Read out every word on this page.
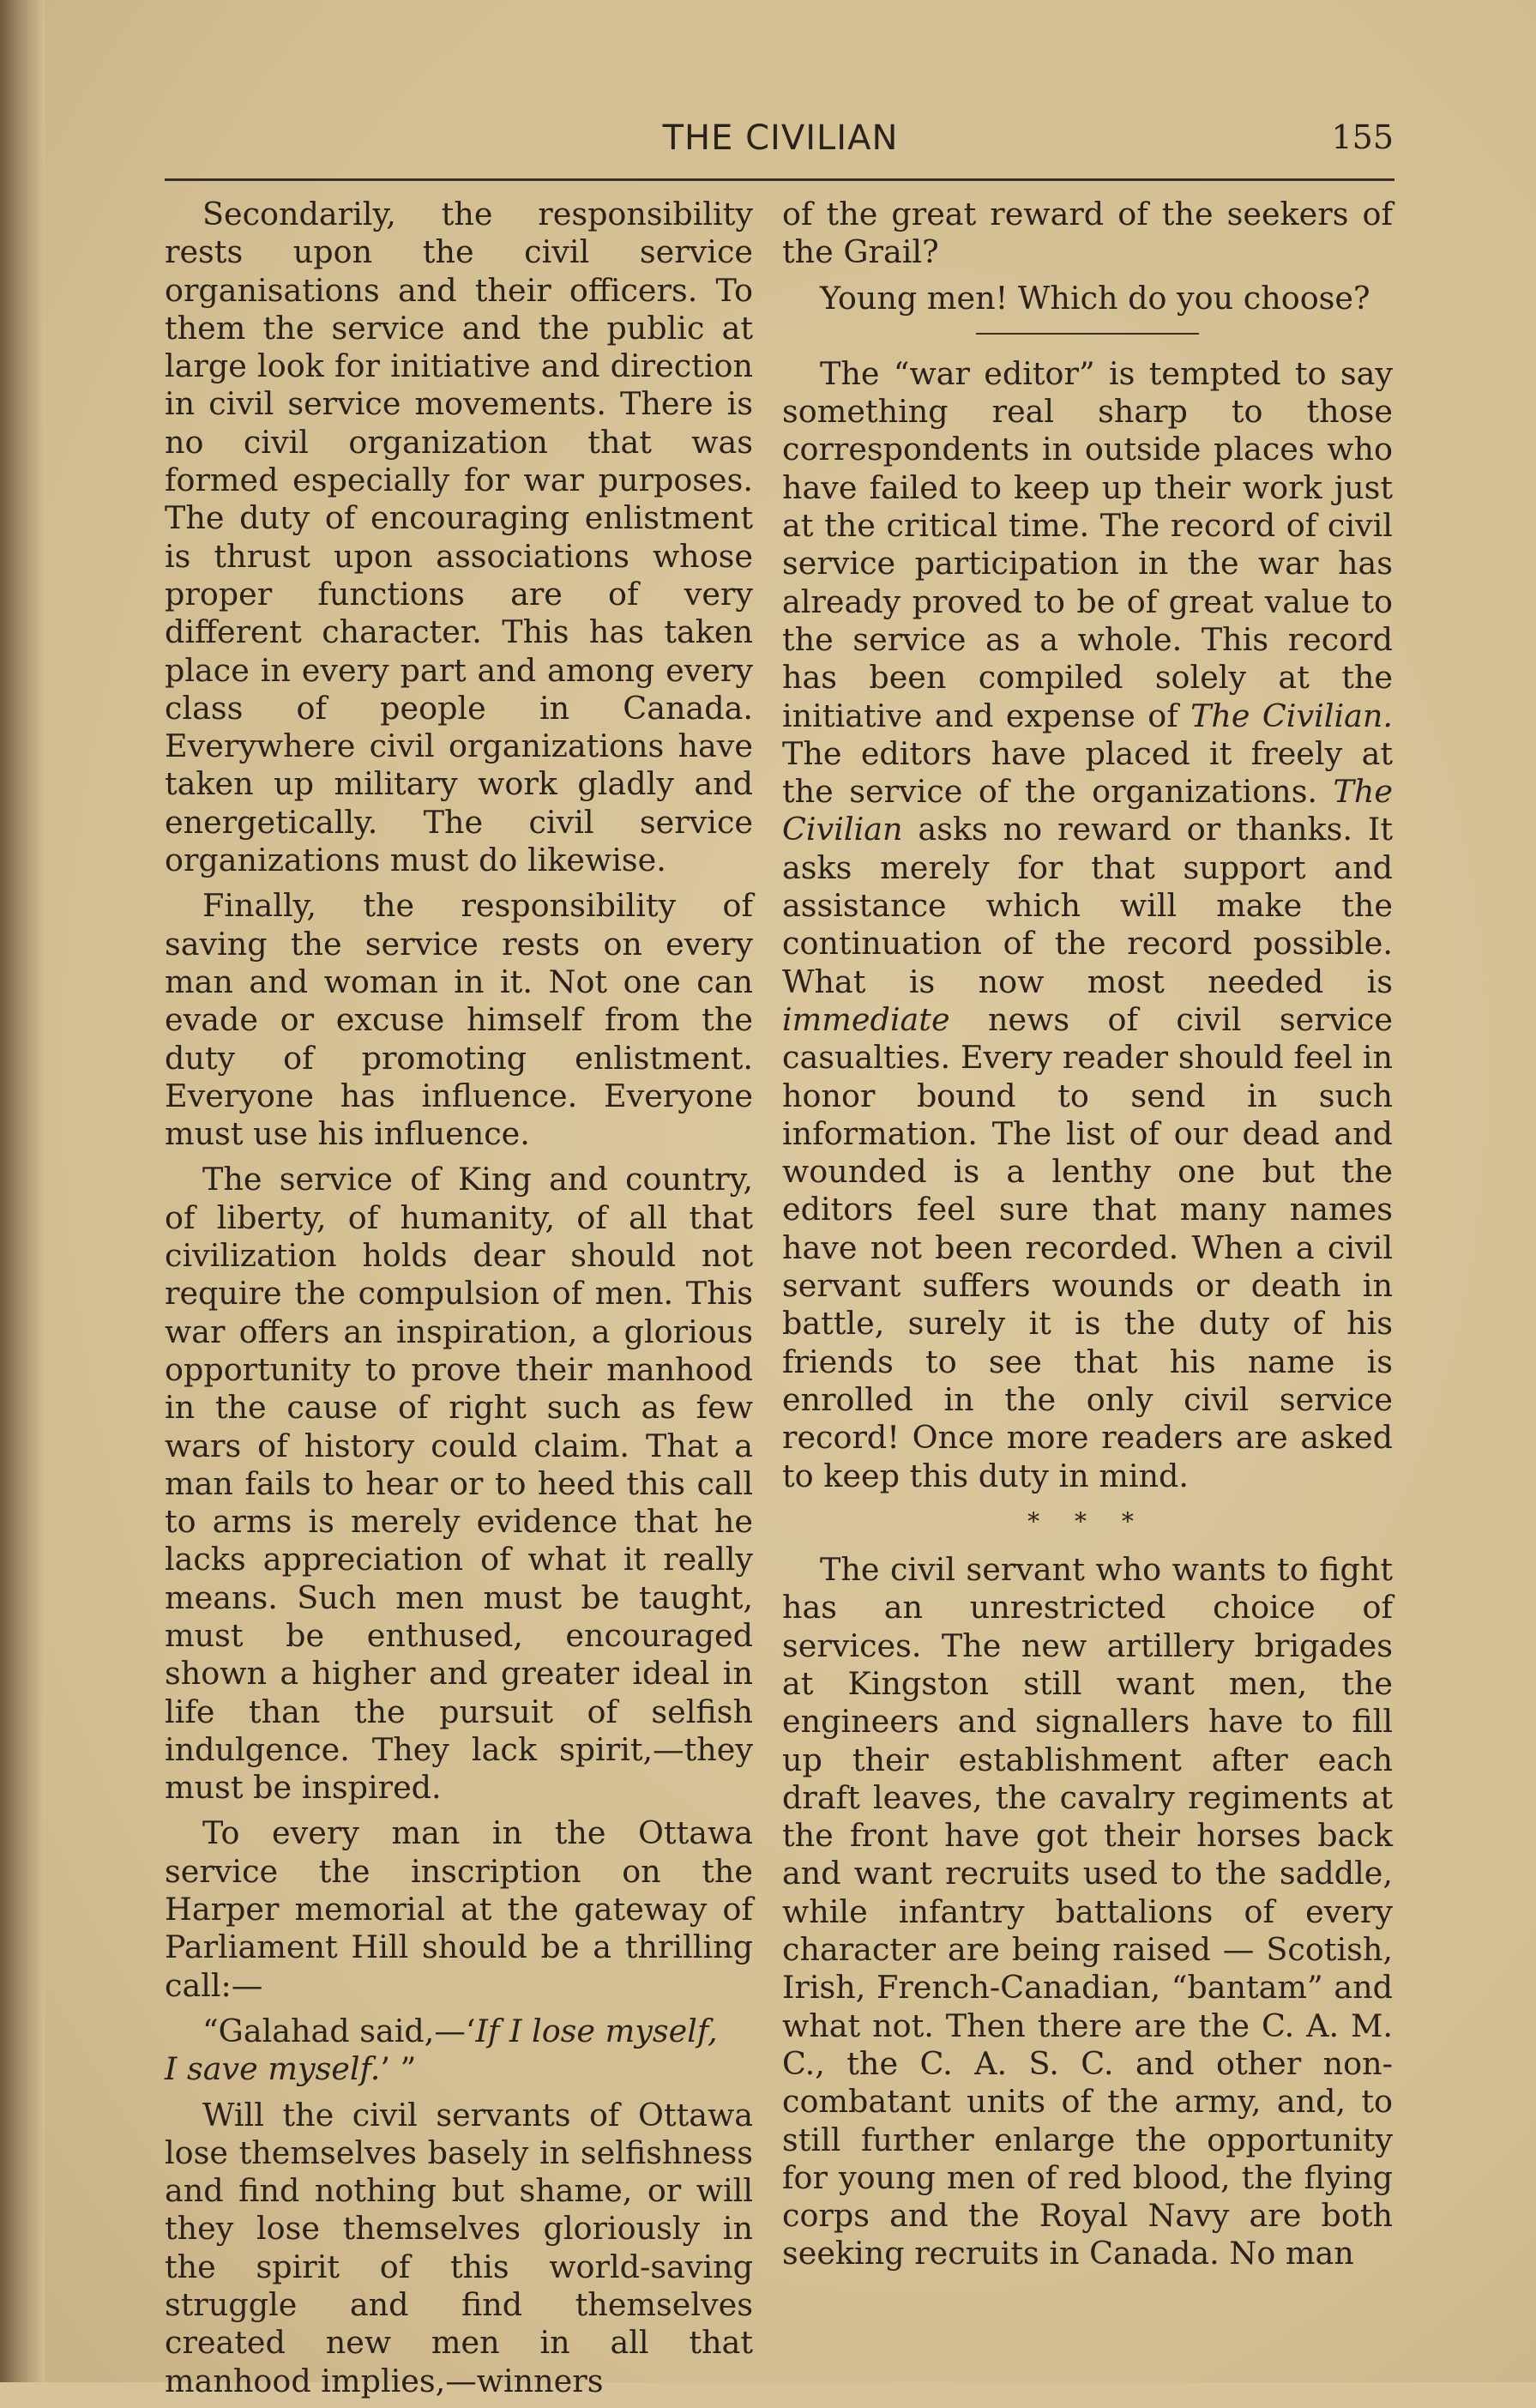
THE CIVILIAN	155

Secondarily, the responsibility rests upon the civil service organisations and their officers. To them the service and the public at large look for initiative and direction in civil service movements. There is no civil organization that was formed especially for war purposes. The duty of encouraging enlistment is thrust upon associations whose proper functions are of very different character. This has taken place in every part and among every class of people in Canada. Everywhere civil organizations have taken up military work gladly and energetically. The civil service organizations must do likewise.

Finally, the responsibility of saving the service rests on every man and woman in it. Not one can evade or excuse himself from the duty of promoting enlistment. Everyone has influence. Everyone must use his influence.

The service of King and country, of liberty, of humanity, of all that civilization holds dear should not require the compulsion of men. This war offers an inspiration, a glorious opportunity to prove their manhood in the cause of right such as few wars of history could claim. That a man fails to hear or to heed this call to arms is merely evidence that he lacks appreciation of what it really means. Such men must be taught, must be enthused, encouraged shown a higher and greater ideal in life than the pursuit of selfish indulgence. They lack spirit,—they must be inspired.

To every man in the Ottawa service the inscription on the Harper memorial at the gateway of Parliament Hill should be a thrilling call:—

“Galahad said,—‘If I lose myself,

I save myself.’ ”

Will the civil servants of Ottawa lose themselves basely in selfishness and find nothing but shame, or will they lose themselves gloriously in the spirit of this world-saving struggle and find themselves created new men in all that manhood implies,—winners

of the great reward of the seekers of the Grail?

Young men! Which do you choose?

The “war editor” is tempted to say something real sharp to those correspondents in outside places who have failed to keep up their work just at the critical time. The record of civil service participation in the war has already proved to be of great value to the service as a whole. This record has been compiled solely at the initiative and expense of The Civilian. The editors have placed it freely at the service of the organizations. The Civilian asks no reward or thanks. It asks merely for that support and assistance which will make the continuation of the record possible. What is now most needed is immediate news of civil service casualties. Every reader should feel in honor bound to send in such information. The list of our dead and wounded is a lenthy one but the editors feel sure that many names have not been recorded. When a civil servant suffers wounds or death in battle, surely it is the duty of his friends to see that his name is enrolled in the only civil service record! Once more readers are asked to keep this duty in mind.

* * *

The civil servant who wants to fight has an unrestricted choice of services. The new artillery brigades at Kingston still want men, the engineers and signallers have to fill up their establishment after each draft leaves, the cavalry regiments at the front have got their horses back and want recruits used to the saddle, while infantry battalions of every character are being raised — Scotish, Irish, French-Canadian, “bantam” and what not. Then there are the C. A. M. C., the C. A. S. C. and other non-combatant units of the army, and, to still further enlarge the opportunity for young men of red blood, the flying corps and the Royal Navy are both seeking recruits in Canada. No man
